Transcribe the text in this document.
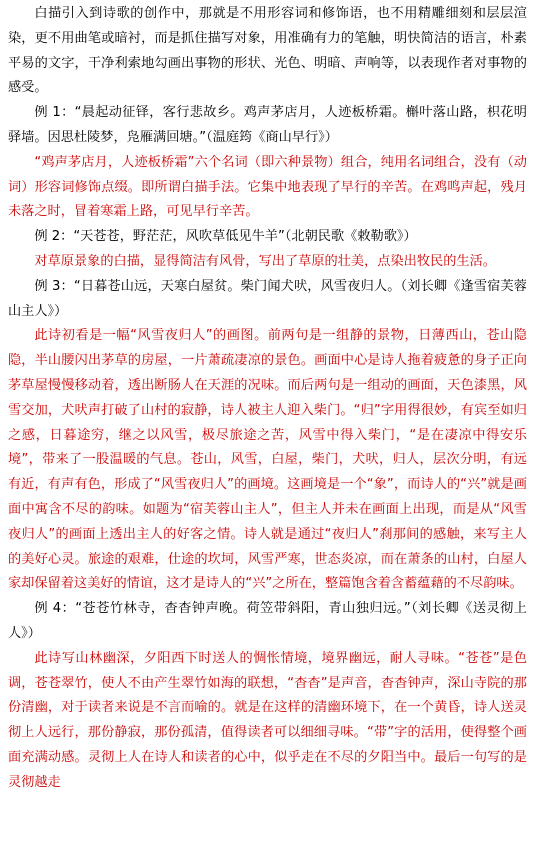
白描引入到诗歌的创作中，那就是不用形容词和修饰语，也不用精雕细刻和层层渲染，更不用曲笔或暗衬，而是抓住描写对象，用准确有力的笔触，明快简洁的语言，朴素平易的文字，干净利索地勾画出事物的形状、光色、明暗、声响等，以表现作者对事物的感受。

例 1：“晨起动征铎，客行悲故乡。鸡声茅店月，人迹板桥霜。槲叶落山路，枳花明驿墙。因思杜陵梦，凫雁满回塘。”（温庭筠《商山早行》）

“鸡声茅店月，人迹板桥霜”六个名词（即六种景物）组合，纯用名词组合，没有（动词）形容词修饰点缀。即所谓白描手法。它集中地表现了早行的辛苦。在鸡鸣声起，残月未落之时，冒着寒霜上路，可见早行辛苦。

例 2：“天苍苍，野茫茫，风吹草低见牛羊”（北朝民歌《敕勒歌》）

对草原景象的白描，显得简洁有风骨，写出了草原的壮美，点染出牧民的生活。

例 3：“日暮苍山远，天寒白屋贫。柴门闻犬吠，风雪夜归人。（刘长卿《逢雪宿芙蓉山主人》）

此诗初看是一幅“风雪夜归人”的画图。前两句是一组静的景物，日薄西山，苍山隐隐，半山腰闪出茅草的房屋，一片萧疏凄凉的景色。画面中心是诗人拖着疲惫的身子正向茅草屋慢慢移动着，透出断肠人在天涯的况味。而后两句是一组动的画面，天色漆黑，风雪交加，犬吠声打破了山村的寂静，诗人被主人迎入柴门。“归”字用得很妙，有宾至如归之感，日暮途穷，继之以风雪，极尽旅途之苦，风雪中得入柴门，“是在凄凉中得安乐境”，带来了一股温暖的气息。苍山，风雪，白屋，柴门，犬吠，归人，层次分明，有远有近，有声有色，形成了“风雪夜归人”的画境。这画境是一个“象”，而诗人的“兴”就是画面中寓含不尽的韵味。如题为“宿芙蓉山主人”，但主人并未在画面上出现，而是从“风雪夜归人”的画面上透出主人的好客之情。诗人就是通过“夜归人”刹那间的感触，来写主人的美好心灵。旅途的艰难，仕途的坎坷，风雪严寒，世态炎凉，而在萧条的山村，白屋人家却保留着这美好的情谊，这才是诗人的“兴”之所在，整篇饱含着含蓄蕴藉的不尽韵味。

例 4：“苍苍竹林寺，杳杳钟声晚。荷笠带斜阳，青山独归远。”（刘长卿《送灵彻上人》）

此诗写山林幽深，夕阳西下时送人的惆怅情境，境界幽远，耐人寻味。“苍苍”是色调，苍苍翠竹，使人不由产生翠竹如海的联想，“杳杳”是声音，杳杳钟声，深山寺院的那份清幽，对于读者来说是不言而喻的。就是在这样的清幽环境下，在一个黄昏，诗人送灵彻上人远行，那份静寂，那份孤清，值得读者可以细细寻味。“带”字的活用，使得整个画面充满动感。灵彻上人在诗人和读者的心中，似乎走在不尽的夕阳当中。最后一句写的是灵彻越走
